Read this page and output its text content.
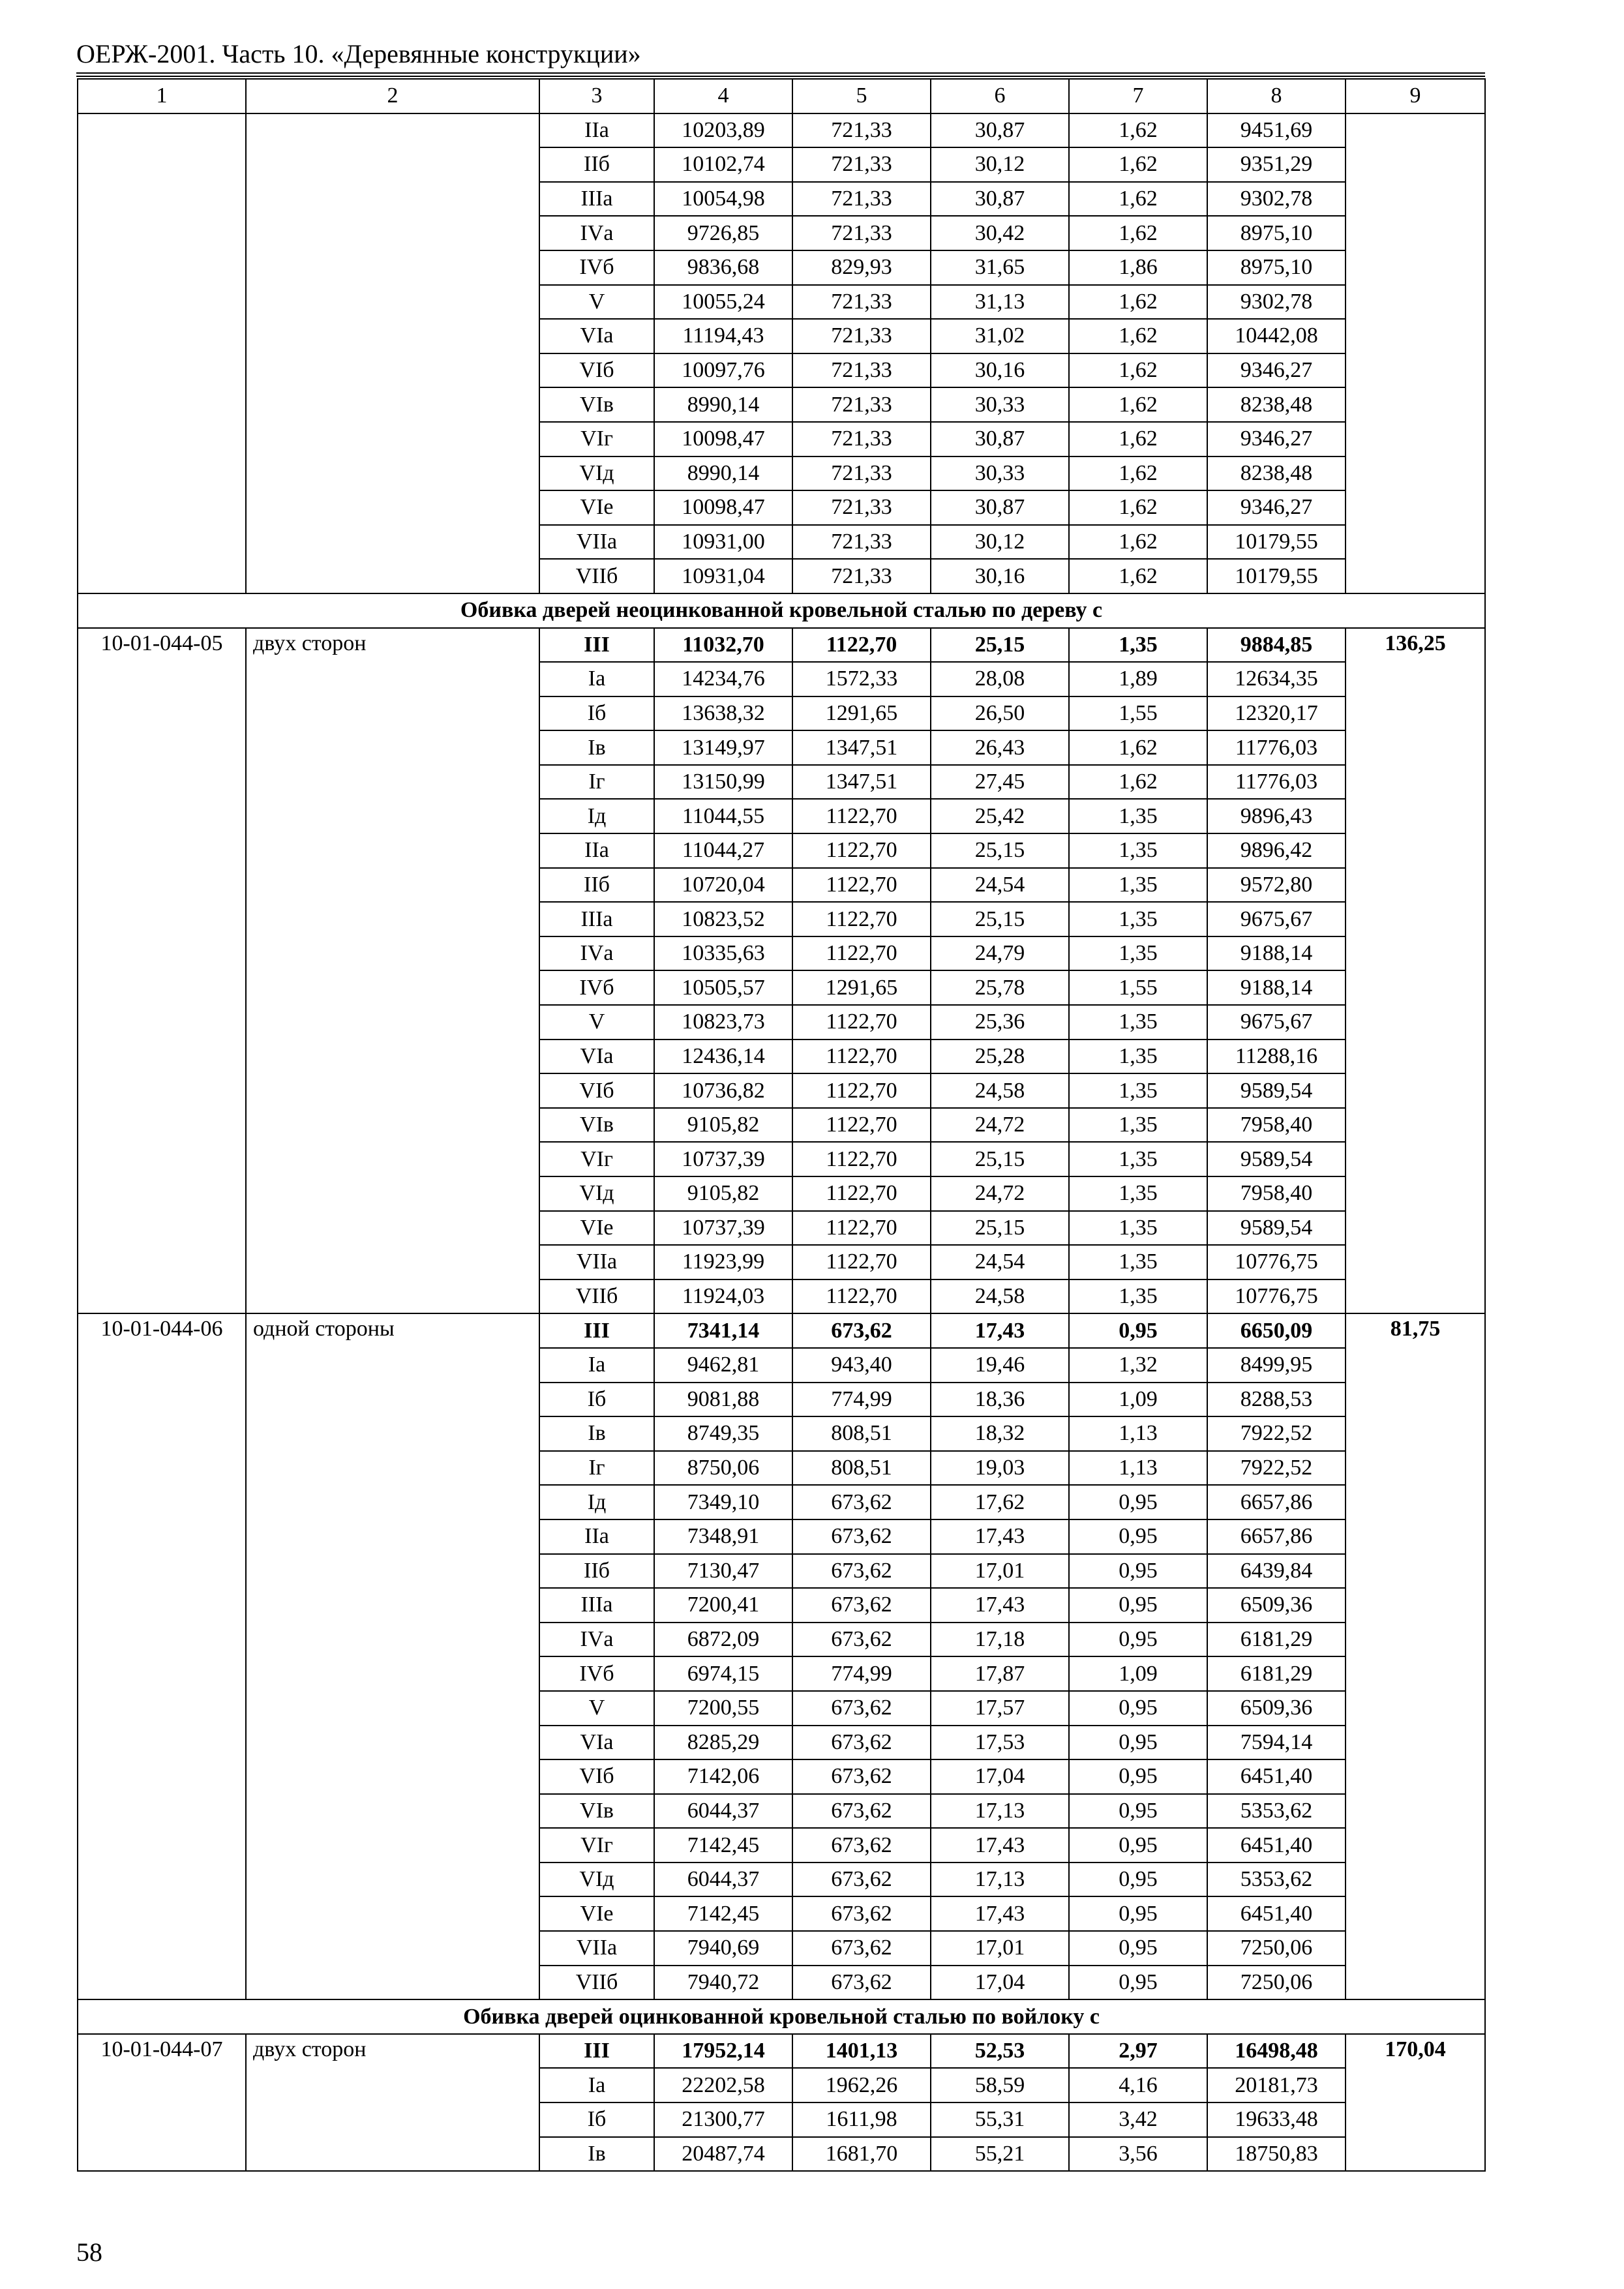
ОЕРЖ-2001. Часть 10. «Деревянные конструкции»
1	2	3	4	5	6	7	8	9
		IIа	10203,89	721,33	30,87	1,62	9451,69	
		IIб	10102,74	721,33	30,12	1,62	9351,29	
		IIIа	10054,98	721,33	30,87	1,62	9302,78	
		IVа	9726,85	721,33	30,42	1,62	8975,10	
		IVб	9836,68	829,93	31,65	1,86	8975,10	
		V	10055,24	721,33	31,13	1,62	9302,78	
		VIа	11194,43	721,33	31,02	1,62	10442,08	
		VIб	10097,76	721,33	30,16	1,62	9346,27	
		VIв	8990,14	721,33	30,33	1,62	8238,48	
		VIг	10098,47	721,33	30,87	1,62	9346,27	
		VIд	8990,14	721,33	30,33	1,62	8238,48	
		VIе	10098,47	721,33	30,87	1,62	9346,27	
		VIIа	10931,00	721,33	30,12	1,62	10179,55	
		VIIб	10931,04	721,33	30,16	1,62	10179,55	
Обивка дверей неоцинкованной кровельной сталью по дереву с								
10-01-044-05	двух сторон	III	11032,70	1122,70	25,15	1,35	9884,85	136,25
		Iа	14234,76	1572,33	28,08	1,89	12634,35	
		Iб	13638,32	1291,65	26,50	1,55	12320,17	
		Iв	13149,97	1347,51	26,43	1,62	11776,03	
		Iг	13150,99	1347,51	27,45	1,62	11776,03	
		Iд	11044,55	1122,70	25,42	1,35	9896,43	
		IIа	11044,27	1122,70	25,15	1,35	9896,42	
		IIб	10720,04	1122,70	24,54	1,35	9572,80	
		IIIа	10823,52	1122,70	25,15	1,35	9675,67	
		IVа	10335,63	1122,70	24,79	1,35	9188,14	
		IVб	10505,57	1291,65	25,78	1,55	9188,14	
		V	10823,73	1122,70	25,36	1,35	9675,67	
		VIа	12436,14	1122,70	25,28	1,35	11288,16	
		VIб	10736,82	1122,70	24,58	1,35	9589,54	
		VIв	9105,82	1122,70	24,72	1,35	7958,40	
		VIг	10737,39	1122,70	25,15	1,35	9589,54	
		VIд	9105,82	1122,70	24,72	1,35	7958,40	
		VIе	10737,39	1122,70	25,15	1,35	9589,54	
		VIIа	11923,99	1122,70	24,54	1,35	10776,75	
		VIIб	11924,03	1122,70	24,58	1,35	10776,75	
10-01-044-06	одной стороны	III	7341,14	673,62	17,43	0,95	6650,09	81,75
		Iа	9462,81	943,40	19,46	1,32	8499,95	
		Iб	9081,88	774,99	18,36	1,09	8288,53	
		Iв	8749,35	808,51	18,32	1,13	7922,52	
		Iг	8750,06	808,51	19,03	1,13	7922,52	
		Iд	7349,10	673,62	17,62	0,95	6657,86	
		IIа	7348,91	673,62	17,43	0,95	6657,86	
		IIб	7130,47	673,62	17,01	0,95	6439,84	
		IIIа	7200,41	673,62	17,43	0,95	6509,36	
		IVа	6872,09	673,62	17,18	0,95	6181,29	
		IVб	6974,15	774,99	17,87	1,09	6181,29	
		V	7200,55	673,62	17,57	0,95	6509,36	
		VIа	8285,29	673,62	17,53	0,95	7594,14	
		VIб	7142,06	673,62	17,04	0,95	6451,40	
		VIв	6044,37	673,62	17,13	0,95	5353,62	
		VIг	7142,45	673,62	17,43	0,95	6451,40	
		VIд	6044,37	673,62	17,13	0,95	5353,62	
		VIе	7142,45	673,62	17,43	0,95	6451,40	
		VIIа	7940,69	673,62	17,01	0,95	7250,06	
		VIIб	7940,72	673,62	17,04	0,95	7250,06	
Обивка дверей оцинкованной кровельной сталью по войлоку с								
10-01-044-07	двух сторон	III	17952,14	1401,13	52,53	2,97	16498,48	170,04
		Iа	22202,58	1962,26	58,59	4,16	20181,73	
		Iб	21300,77	1611,98	55,31	3,42	19633,48	
		Iв	20487,74	1681,70	55,21	3,56	18750,83	
58
